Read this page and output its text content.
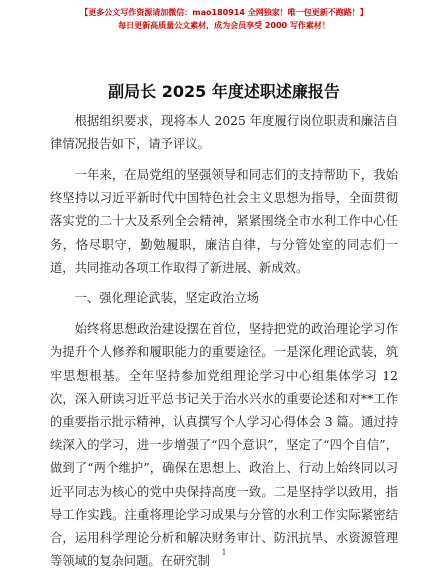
【更多公文写作资源请加微信：mao180914 全网独家！唯一包更新不跑路！】
每日更新高质量公文素材，成为会员享受 2000 写作素材！
副局长 2025 年度述职述廉报告

根据组织要求，现将本人 2025 年度履行岗位职责和廉洁自律情况报告如下，请予评议。

一年来，在局党组的坚强领导和同志们的支持帮助下，我始终坚持以习近平新时代中国特色社会主义思想为指导，全面贯彻落实党的二十大及系列全会精神，紧紧围绕全市水利工作中心任务，恪尽职守，勤勉履职，廉洁自律，与分管处室的同志们一道，共同推动各项工作取得了新进展、新成效。

一、强化理论武装，坚定政治立场

始终将思想政治建设摆在首位，坚持把党的政治理论学习作为提升个人修养和履职能力的重要途径。一是深化理论武装，筑牢思想根基。全年坚持参加党组理论学习中心组集体学习 12 次，深入研读习近平总书记关于治水兴水的重要论述和对**工作的重要指示批示精神，认真撰写个人学习心得体会 3 篇。通过持续深入的学习，进一步增强了“四个意识”，坚定了“四个自信”，做到了“两个维护”，确保在思想上、政治上、行动上始终同以习近平同志为核心的党中央保持高度一致。二是坚持学以致用，指导工作实践。注重将理论学习成果与分管的水利工作实际紧密结合，运用科学理论分析和解决财务审计、防汛抗旱、水资源管理等领域的复杂问题。在研究制

1
